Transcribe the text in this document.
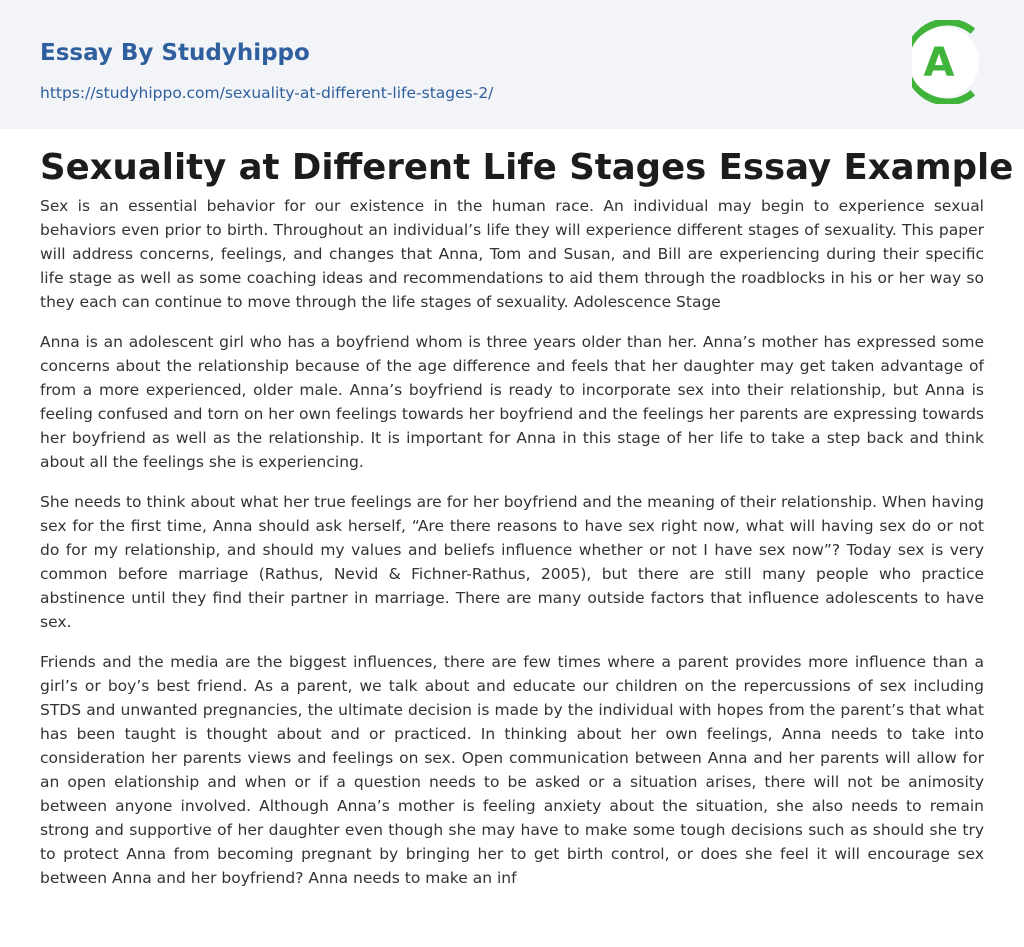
Essay By Studyhippo
https://studyhippo.com/sexuality-at-different-life-stages-2/
A
Sexuality at Different Life Stages Essay Example

Sex is an essential behavior for our existence in the human race. An individual may begin to experience sexual behaviors even prior to birth. Throughout an individual’s life they will experience different stages of sexuality. This paper will address concerns, feelings, and changes that Anna, Tom and Susan, and Bill are experiencing during their specific life stage as well as some coaching ideas and recommendations to aid them through the roadblocks in his or her way so they each can continue to move through the life stages of sexuality. Adolescence Stage

Anna is an adolescent girl who has a boyfriend whom is three years older than her. Anna’s mother has expressed some concerns about the relationship because of the age difference and feels that her daughter may get taken advantage of from a more experienced, older male. Anna’s boyfriend is ready to incorporate sex into their relationship, but Anna is feeling confused and torn on her own feelings towards her boyfriend and the feelings her parents are expressing towards her boyfriend as well as the relationship. It is important for Anna in this stage of her life to take a step back and think about all the feelings she is experiencing.

She needs to think about what her true feelings are for her boyfriend and the meaning of their relationship. When having sex for the first time, Anna should ask herself, “Are there reasons to have sex right now, what will having sex do or not do for my relationship, and should my values and beliefs influence whether or not I have sex now”? Today sex is very common before marriage (Rathus, Nevid & Fichner-Rathus, 2005), but there are still many people who practice abstinence until they find their partner in marriage. There are many outside factors that influence adolescents to have sex.

Friends and the media are the biggest influences, there are few times where a parent provides more influence than a girl’s or boy’s best friend. As a parent, we talk about and educate our children on the repercussions of sex including STDS and unwanted pregnancies, the ultimate decision is made by the individual with hopes from the parent’s that what has been taught is thought about and or practiced. In thinking about her own feelings, Anna needs to take into consideration her parents views and feelings on sex. Open communication between Anna and her parents will allow for an open elationship and when or if a question needs to be asked or a situation arises, there will not be animosity between anyone involved. Although Anna’s mother is feeling anxiety about the situation, she also needs to remain strong and supportive of her daughter even though she may have to make some tough decisions such as should she try to protect Anna from becoming pregnant by bringing her to get birth control, or does she feel it will encourage sex between Anna and her boyfriend? Anna needs to make an inf
